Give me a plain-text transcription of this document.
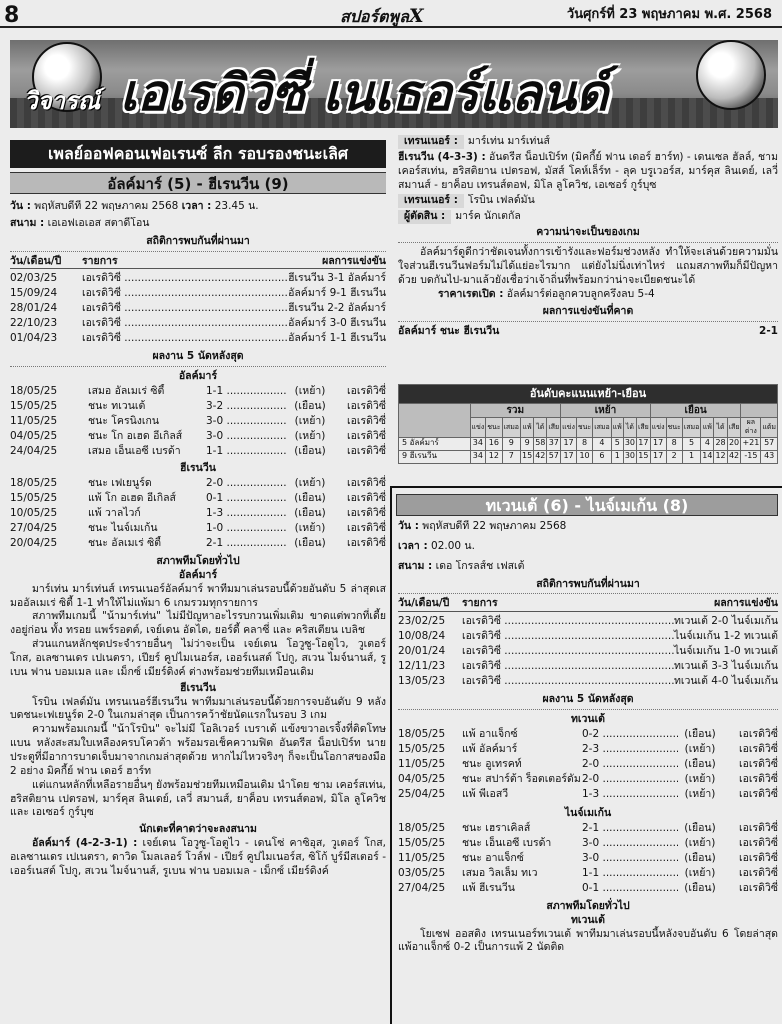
8	สปอร์ตพูลX	วันศุกร์ที่ 23 พฤษภาคม พ.ศ. 2568
วิจารณ์ เอเรดิวิซี่ เนเธอร์แลนด์
เพลย์ออฟคอนเฟอเรนซ์ ลีก รอบรองชนะเลิศ
อัลค์มาร์ (5) - ฮีเรนวีน (9)
วัน : พฤหัสบดีที่ 22 พฤษภาคม 2568 เวลา : 23.45 น.
สนาม : เอเอฟเอเอส สตาดีโอน
สถิติการพบกันที่ผ่านมา
วัน/เดือน/ปี	รายการ	ผลการแข่งขัน
02/03/25	เอเรดิวิซี่ .....	ฮีเรนวีน 3-1 อัลค์มาร์
15/09/24	เอเรดิวิซี่ .....	อัลค์มาร์ 9-1 ฮีเรนวีน
28/01/24	เอเรดิวิซี่ .....	ฮีเรนวีน 2-2 อัลค์มาร์
22/10/23	เอเรดิวิซี่ .....	อัลค์มาร์ 3-0 ฮีเรนวีน
01/04/23	เอเรดิวิซี่ .....	อัลค์มาร์ 1-1 ฮีเรนวีน
ผลงาน 5 นัดหลังสุด
อัลค์มาร์
18/05/25	เสมอ อัลเมเร่ ซิตี้	1-1 .....	(เหย้า)	เอเรดิวิซี่
15/05/25	ชนะ ทเวนเต้	3-2 .....	(เยือน)	เอเรดิวิซี่
11/05/25	ชนะ โครนิงเกน	3-0 .....	(เหย้า)	เอเรดิวิซี่
04/05/25	ชนะ โก อเฮด อีเกิลส์	3-0 .....	(เหย้า)	เอเรดิวิซี่
24/04/25	เสมอ เอ็นเอซี เบรด้า	1-1 .....	(เยือน)	เอเรดิวิซี่
ฮีเรนวีน
18/05/25	ชนะ เฟเยนูร์ด	2-0 .....	(เหย้า)	เอเรดิวิซี่
15/05/25	แพ้ โก อเฮด อีเกิลส์	0-1 .....	(เยือน)	เอเรดิวิซี่
10/05/25	แพ้ วาลไวก์	1-3 .....	(เยือน)	เอเรดิวิซี่
27/04/25	ชนะ ไนจ์เมเก้น	1-0 .....	(เหย้า)	เอเรดิวิซี่
20/04/25	ชนะ อัลเมเร่ ซิตี้	2-1 .....	(เยือน)	เอเรดิวิซี่
สภาพทีมโดยทั่วไป
อัลค์มาร์
มาร์เท่น มาร์เท่นส์ เทรนเนอร์อัลค์มาร์ พาทีมมาเล่นรอบนี้ด้วยอันดับ 5 ล่าสุดเสมออัลเมเร่ ซิตี้ 1-1 ทำให้ไม่แพ้มา 6 เกมรวมทุกรายการ
สภาพทีมเกมนี้ "น้ามาร์เท่น" ไม่มีปัญหาอะไรรบกวนเพิ่มเติม ขาดแต่พวกที่เดี้ยงอยู่ก่อน ทั้ง ทรอย แพร์รอตต์, เจย์เดน อัดได, ยอร์ดี้ คลาซี่ และ คริสเตียน เบลิช
ส่วนแกนหลักชุดประจำรายอื่นๆ ไม่ว่าจะเป็น เจย์เดน โอวูซู-โอตูไว, วูเตอร์ โกส, อเลซานเดร เปเนตรา, เปียร์ คูปไมเนอร์ส, เออร์เนสต์ โปกู, สเวน ไมจ์นานส์, รูเบน ฟาน บอมเมล และ เม็กซ์ เมียร์ดิงค์ ต่างพร้อมช่วยทีมเหมือนเดิม
ฮีเรนวีน
โรบิน เฟลด์มัน เทรนเนอร์ฮีเรนวีน พาทีมมาเล่นรอบนี้ด้วยการจบอันดับ 9 หลังบดชนะเฟเยนูร์ด 2-0 ในเกมล่าสุด เป็นการคว้าชัยนัดแรกในรอบ 3 เกม
ความพร้อมเกมนี้ "น้าโรบิน" จะไม่มี โอลิเวอร์ เบราเด้ แข้งขวาอเรจิ้งที่ติดโทษแบน หลังสะสมใบเหลืองครบโควต้า พร้อมรอเช็คความฟิต อันดรีส น็อปเปิร์ท นายประตูที่มีอาการบาดเจ็บมาจากเกมล่าสุดด้วย หากไม่ไหวจริงๆ ก็จะเป็นโอกาสของมือ 2 อย่าง มิคกี้ย์ ฟาน เดอร์ ฮาร์ท
แต่แกนหลักที่เหลือรายอื่นๆ ยังพร้อมช่วยทีมเหมือนเดิม นำโดย ชาม เคอร์สเท่น, ฮริสติยาน เปตรอฟ, มาร์คุส ลินเดย์, เลวี่ สมานส์, ยาค็อบ เทรนส์ตอฟ, มิโล ลูโควิช และ เอเซอร์ กูร์บุซ
นักเตะที่คาดว่าจะลงสนาม
อัลค์มาร์ (4-2-3-1) : เจย์เดน โอวูซู-โอตูไว - เดนโซ่ คาซิอุส, วูเตอร์ โกส, อเลซานเดร เปเนตรา, ดาวิด โมลเลอร์ โวล์ฟ - เปียร์ คูปไมเนอร์ส, ซิโก้ บูร์มีสเตอร์ - เออร์เนสต์ โปกู, สเวน ไมจ์นานส์, รูเบน ฟาน บอมเมล - เม็กซ์ เมียร์ดิงค์
เทรนเนอร์ : มาร์เท่น มาร์เท่นส์
ฮีเรนวีน (4-3-3) : อันดรีส น็อปเปิร์ท (มิคกี้ย์ ฟาน เดอร์ ฮาร์ท) - เดนเซล ฮัลล์, ชาม เคอร์สเท่น, ฮริสติยาน เปตรอฟ, มัสส์ โคห์เล็ร์ท - ลุค บรูเวอร์ส, มาร์คุส ลินเดย์, เลวี่ สมานส์ - ยาค็อบ เทรนส์ตอฟ, มิโล ลูโควิช, เอเซอร์ กูร์บุซ
เทรนเนอร์ : โรบิน เฟลด์มัน
ผู้ตัดสิน : มาร์ค นักเตกัล
ความน่าจะเป็นของเกม
อัลค์มาร์ดูดีกว่าชัดเจนทั้งการเข้ารังและฟอร์มช่วงหลัง ทำให้จะเล่นด้วยความมั่นใจส่วนฮีเรนวีนฟอร์มไม่ได้แย่อะไรมาก แต่ยังไม่นิ่งเท่าไหร่ แถมสภาพทีมก็มีปัญหาด้วย บดกันไป-มาแล้วยังเชื่อว่าเจ้าถิ่นที่พร้อมกว่าน่าจะเบียดชนะได้
ราคาเรตเปิด : อัลค์มาร์ต่อลูกควบลูกครึ่งลบ 5-4
ผลการแข่งขันที่คาด
อัลค์มาร์ ชนะ ฮีเรนวีน	2-1
อันดับคะแนนเหย้า-เยือน																				
	รวม						เหย้า						เยือน							
	แข่ง	ชนะ	เสมอ	แพ้	ได้	เสีย	แข่ง	ชนะ	เสมอ	แพ้	ได้	เสีย	แข่ง	ชนะ	เสมอ	แพ้	ได้	เสีย	ผลต่าง	แต้ม
5 อัลค์มาร์	34	16	9	9	58	37	17	8	4	5	30	17	17	8	5	4	28	20	+21	57
9 ฮีเรนวีน	34	12	7	15	42	57	17	10	6	1	30	15	17	2	1	14	12	42	-15	43
ทเวนเต้ (6) - ไนจ์เมเก้น (8)
วัน : พฤหัสบดีที่ 22 พฤษภาคม 2568
เวลา : 02.00 น.
สนาม : เดอ โกรลส์ช เฟสเต้
สถิติการพบกันที่ผ่านมา
วัน/เดือน/ปี	รายการ	ผลการแข่งขัน
23/02/25	เอเรดิวิซี่ .....	ทเวนเต้ 2-0 ไนจ์เมเก้น
10/08/24	เอเรดิวิซี่ .....	ไนจ์เมเก้น 1-2 ทเวนเต้
20/01/24	เอเรดิวิซี่ .....	ไนจ์เมเก้น 1-0 ทเวนเต้
12/11/23	เอเรดิวิซี่ .....	ทเวนเต้ 3-3 ไนจ์เมเก้น
13/05/23	เอเรดิวิซี่ .....	ทเวนเต้ 4-0 ไนจ์เมเก้น
ผลงาน 5 นัดหลังสุด
ทเวนเต้
18/05/25	แพ้ อาแจ็กซ์	0-2 .....	(เยือน)	เอเรดิวิซี่
15/05/25	แพ้ อัลค์มาร์	2-3 .....	(เหย้า)	เอเรดิวิซี่
11/05/25	ชนะ อูเทรคท์	2-0 .....	(เยือน)	เอเรดิวิซี่
04/05/25	ชนะ สปาร์ต้า ร็อตเตอร์ดัม 2-0 .....	(เหย้า)	เอเรดิวิซี่
25/04/25	แพ้ พีเอสวี	1-3 .....	(เหย้า)	เอเรดิวิซี่
ไนจ์เมเก้น
18/05/25	ชนะ เฮราเคิลส์	2-1 .....	(เยือน)	เอเรดิวิซี่
15/05/25	ชนะ เอ็นเอซี เบรด้า	3-0 .....	(เหย้า)	เอเรดิวิซี่
11/05/25	ชนะ อาแจ็กซ์	3-0 .....	(เยือน)	เอเรดิวิซี่
03/05/25	เสมอ วิลเล็ม ทเว	1-1 .....	(เหย้า)	เอเรดิวิซี่
27/04/25	แพ้ ฮีเรนวีน	0-1 .....	(เยือน)	เอเรดิวิซี่
สภาพทีมโดยทั่วไป
ทเวนเต้
โยเซฟ ออสติง เทรนเนอร์ทเวนเต้ พาทีมมาเล่นรอบนี้หลังจบอันดับ 6 โดยล่าสุดแพ้อาแจ็กซ์ 0-2 เป็นการแพ้ 2 นัดติด
